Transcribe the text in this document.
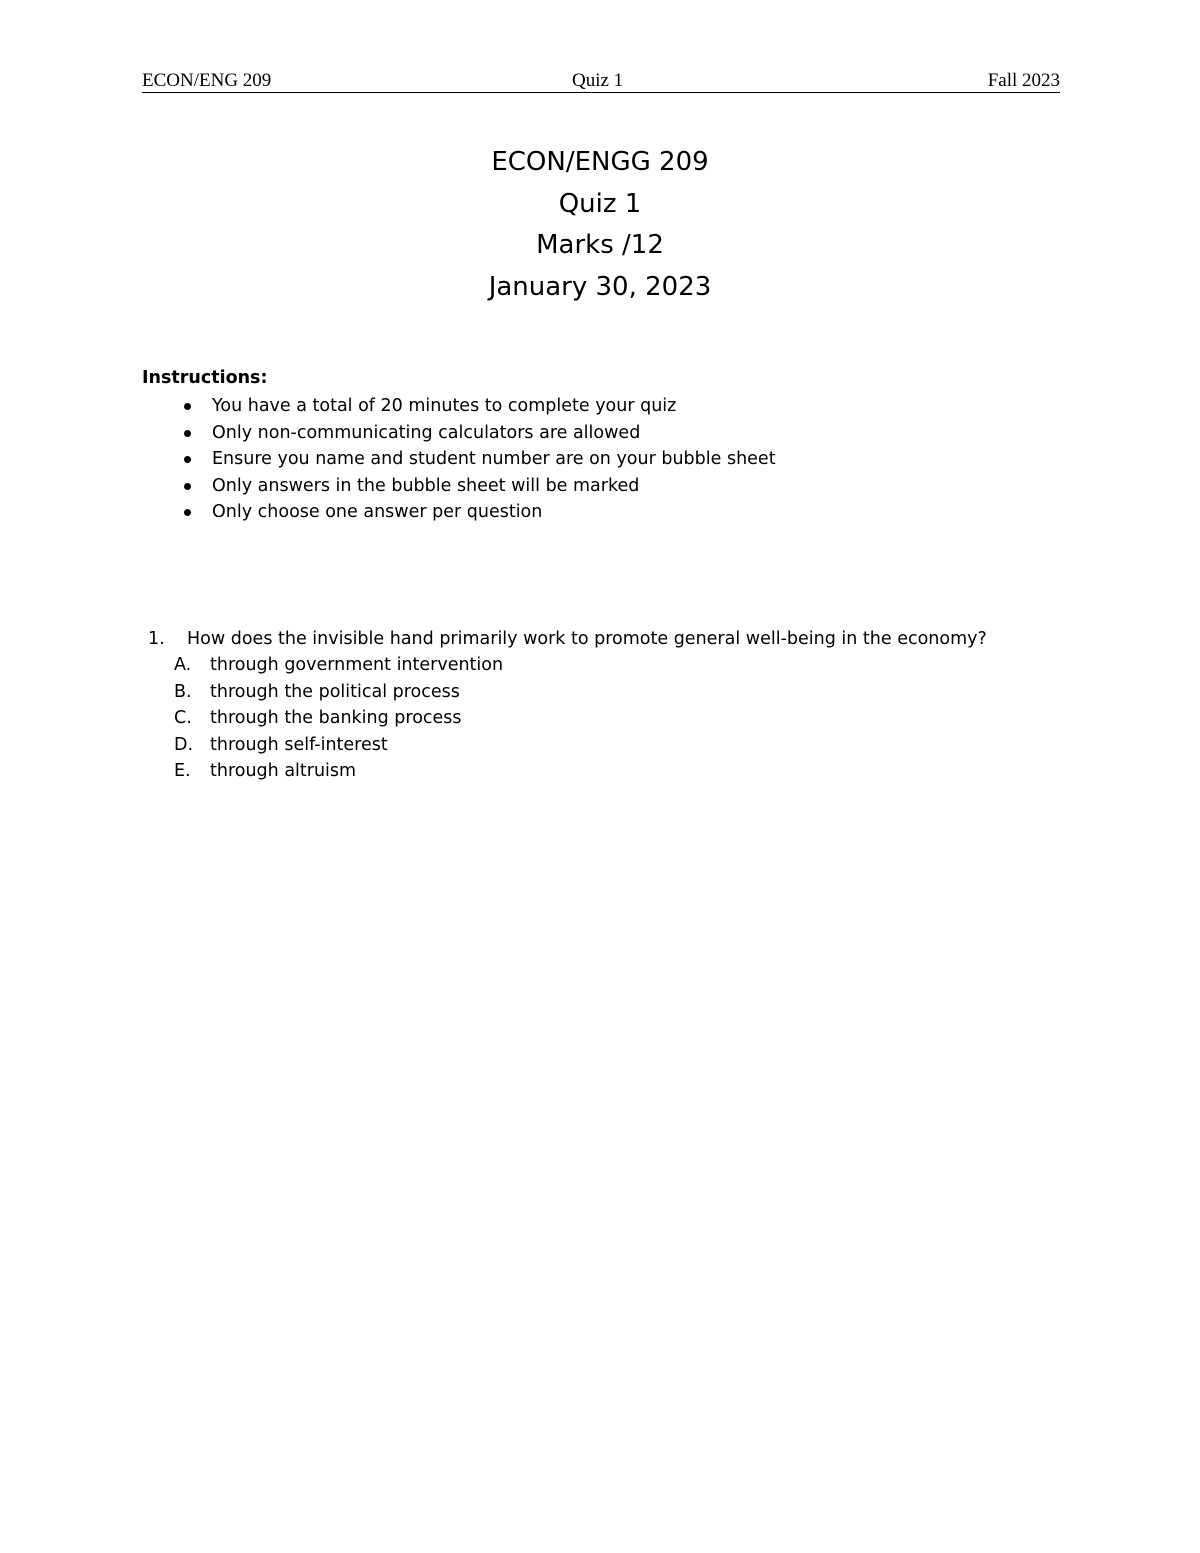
ECON/ENG 209	Quiz 1	Fall 2023
ECON/ENGG 209
Quiz 1
Marks /12
January 30, 2023
Instructions:
You have a total of 20 minutes to complete your quiz
Only non-communicating calculators are allowed
Ensure you name and student number are on your bubble sheet
Only answers in the bubble sheet will be marked
Only choose one answer per question
1. How does the invisible hand primarily work to promote general well-being in the economy?
A. through government intervention
B. through the political process
C. through the banking process
D. through self-interest
E. through altruism
